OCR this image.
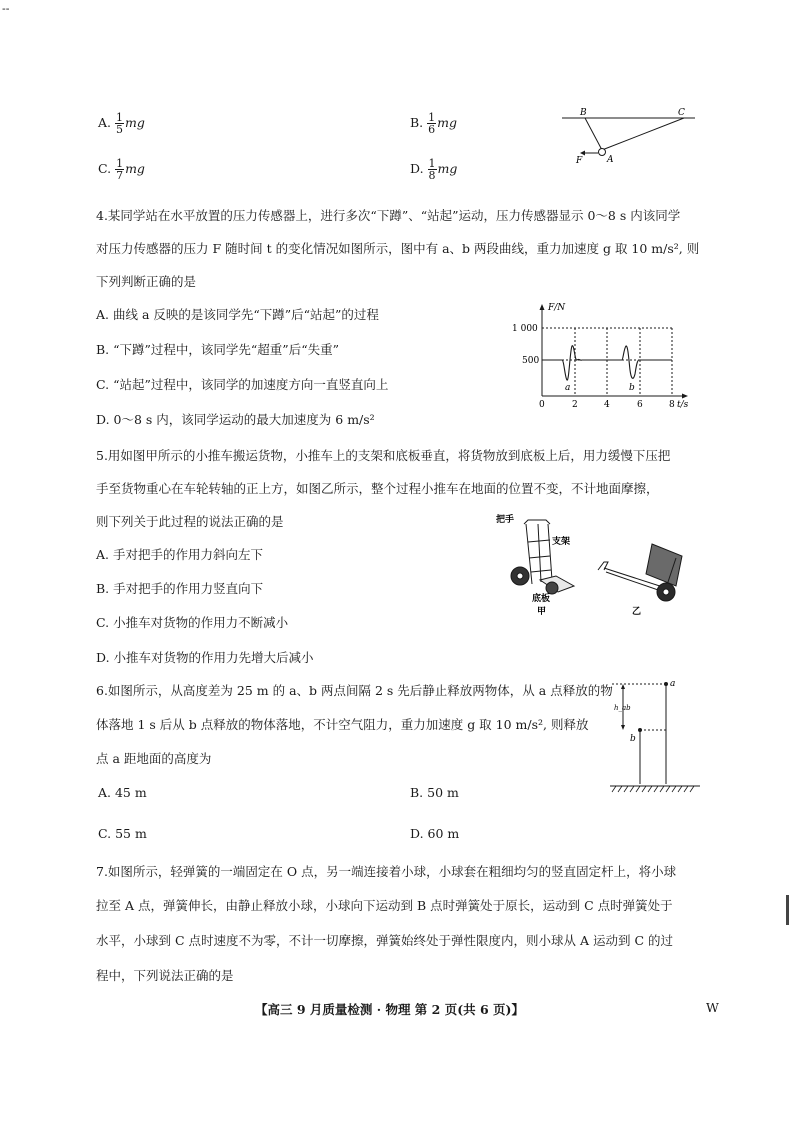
--
A. $\frac{1}{5}$ mg	B. $\frac{1}{6}$ mg
C. $\frac{1}{7}$ mg	D. $\frac{1}{8}$ mg
B	C
F	A
4.某同学站在水平放置的压力传感器上，进行多次“下蹲”、“站起”运动，压力传感器显示 0～8 s 内该同学
对压力传感器的压力 F 随时间 t 的变化情况如图所示，图中有 a、b 两段曲线，重力加速度 g 取 10 m/s², 则
下列判断正确的是
A. 曲线 a 反映的是该同学先“下蹲”后“站起”的过程
B. “下蹲”过程中，该同学先“超重”后“失重”
C. “站起”过程中，该同学的加速度方向一直竖直向上
D. 0～8 s 内，该同学运动的最大加速度为 6 m/s²
F/N
t/s
1 000
500
0	2	4	6	8
a	b
5.用如图甲所示的小推车搬运货物，小推车上的支架和底板垂直，将货物放到底板上后，用力缓慢下压把
手至货物重心在车轮转轴的正上方，如图乙所示，整个过程小推车在地面的位置不变，不计地面摩擦，
则下列关于此过程的说法正确的是
A. 手对把手的作用力斜向左下
B. 手对把手的作用力竖直向下
C. 小推车对货物的作用力不断减小
D. 小推车对货物的作用力先增大后减小
把手
支架
底板
甲	乙
6.如图所示，从高度差为 25 m 的 a、b 两点间隔 2 s 先后静止释放两物体，从 a 点释放的物
体落地 1 s 后从 b 点释放的物体落地，不计空气阻力，重力加速度 g 取 10 m/s², 则释放
点 a 距地面的高度为
A. 45 m	B. 50 m
C. 55 m	D. 60 m
a
b
h_ab
7.如图所示，轻弹簧的一端固定在 O 点，另一端连接着小球，小球套在粗细均匀的竖直固定杆上，将小球
拉至 A 点，弹簧伸长，由静止释放小球，小球向下运动到 B 点时弹簧处于原长，运动到 C 点时弹簧处于
水平，小球到 C 点时速度不为零，不计一切摩擦，弹簧始终处于弹性限度内，则小球从 A 运动到 C 的过
程中，下列说法正确的是
【高三 9 月质量检测 · 物理 第 2 页(共 6 页)】	W
